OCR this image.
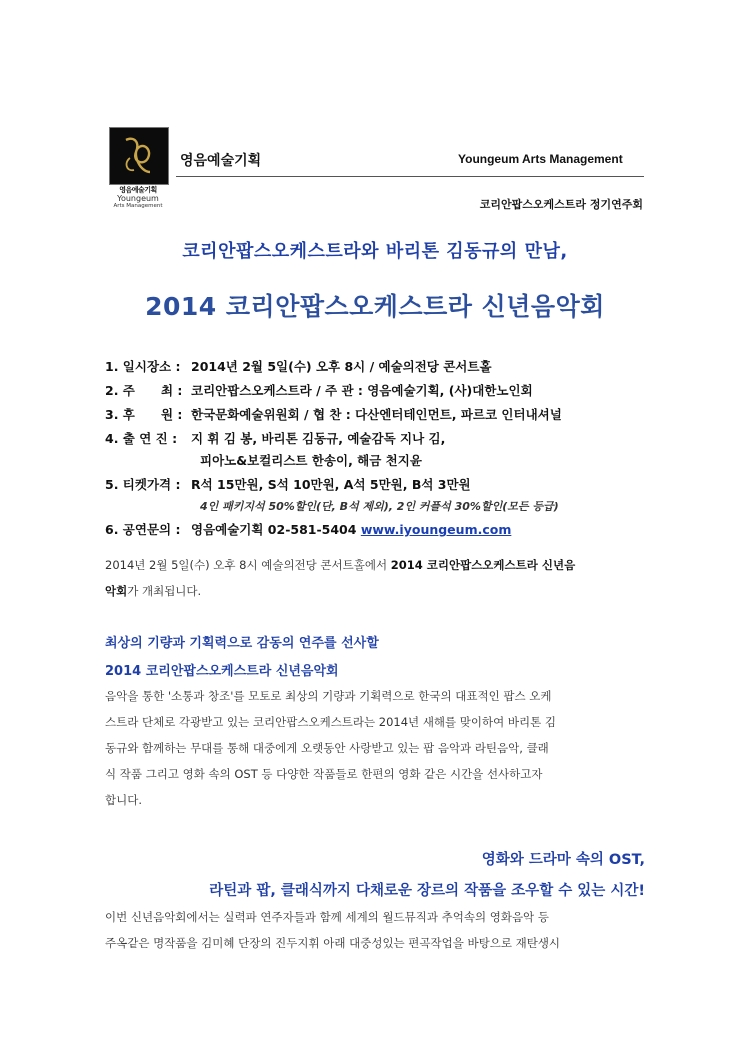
영음예술기획
Youngeum
Arts Management
영음예술기획	Youngeum Arts Management
코리안팝스오케스트라 정기연주회
코리안팝스오케스트라와 바리톤 김동규의 만남,
2014 코리안팝스오케스트라 신년음악회
1. 일시장소 : 2014년 2월 5일(수) 오후 8시 / 예술의전당 콘서트홀
2. 주      최 : 코리안팝스오케스트라 / 주 관 : 영음예술기획, (사)대한노인회
3. 후      원 : 한국문화예술위원회 / 협 찬 : 다산엔터테인먼트, 파르코 인터내셔널
4. 출 연 진 : 지 휘 김 봉, 바리톤 김동규, 예술감독 지나 김,
피아노&보컬리스트 한송이, 해금 천지윤
5. 티켓가격 : R석 15만원, S석 10만원, A석 5만원, B석 3만원
4인 패키지석 50%할인(단, B석 제외), 2인 커플석 30%할인(모든 등급)
6. 공연문의 : 영음예술기획 02-581-5404 www.iyoungeum.com
2014년 2월 5일(수) 오후 8시 예술의전당 콘서트홀에서 2014 코리안팝스오케스트라 신년음
악회가 개최됩니다.
최상의 기량과 기획력으로 감동의 연주를 선사할
2014 코리안팝스오케스트라 신년음악회
음악을 통한 '소통과 창조'를 모토로 최상의 기량과 기획력으로 한국의 대표적인 팝스 오케
스트라 단체로 각광받고 있는 코리안팝스오케스트라는 2014년 새해를 맞이하여 바리톤 김
동규와 함께하는 무대를 통해 대중에게 오랫동안 사랑받고 있는 팝 음악과 라틴음악, 클래
식 작품 그리고 영화 속의 OST 등 다양한 작품들로 한편의 영화 같은 시간을 선사하고자
합니다.
영화와 드라마 속의 OST,
라틴과 팝, 클래식까지 다채로운 장르의 작품을 조우할 수 있는 시간!
이번 신년음악회에서는 실력파 연주자들과 함께 세계의 월드뮤직과 추억속의 영화음악 등
주옥같은 명작품을 김미혜 단장의 진두지휘 아래 대중성있는 편곡작업을 바탕으로 재탄생시
